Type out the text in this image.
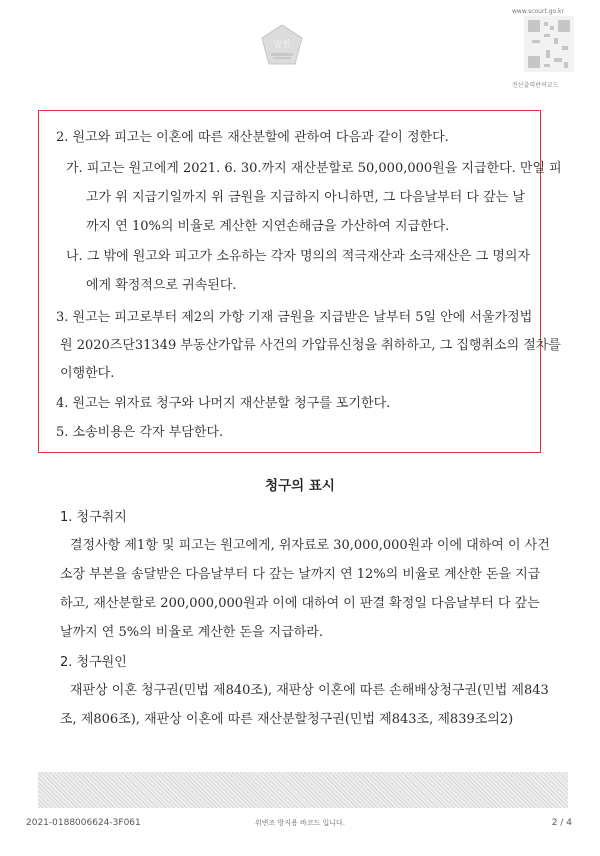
법원
www.scourt.go.kr
전산출력판비교드
2. 원고와 피고는 이혼에 따른 재산분할에 관하여 다음과 같이 정한다.
가. 피고는 원고에게 2021. 6. 30.까지 재산분할로 50,000,000원을 지급한다. 만일 피
고가 위 지급기일까지 위 금원을 지급하지 아니하면, 그 다음날부터 다 갚는 날
까지 연 10%의 비율로 계산한 지연손해금을 가산하여 지급한다.
나. 그 밖에 원고와 피고가 소유하는 각자 명의의 적극재산과 소극재산은 그 명의자
에게 확정적으로 귀속된다.
3. 원고는 피고로부터 제2의 가항 기재 금원을 지급받은 날부터 5일 안에 서울가정법
원 2020즈단31349 부동산가압류 사건의 가압류신청을 취하하고, 그 집행취소의 절차를
이행한다.
4. 원고는 위자료 청구와 나머지 재산분할 청구를 포기한다.
5. 소송비용은 각자 부담한다.
청구의 표시
1. 청구취지
결정사항 제1항 및 피고는 원고에게, 위자료로 30,000,000원과 이에 대하여 이 사건
소장 부본을 송달받은 다음날부터 다 갚는 날까지 연 12%의 비율로 계산한 돈을 지급
하고, 재산분할로 200,000,000원과 이에 대하여 이 판결 확정일 다음날부터 다 갚는
날까지 연 5%의 비율로 계산한 돈을 지급하라.
2. 청구원인
재판상 이혼 청구권(민법 제840조), 재판상 이혼에 따른 손해배상청구권(민법 제843
조, 제806조), 재판상 이혼에 따른 재산분할청구권(민법 제843조, 제839조의2)
2021-0188006624-3F061	위변조 방지용 바코드 입니다.	2 / 4
